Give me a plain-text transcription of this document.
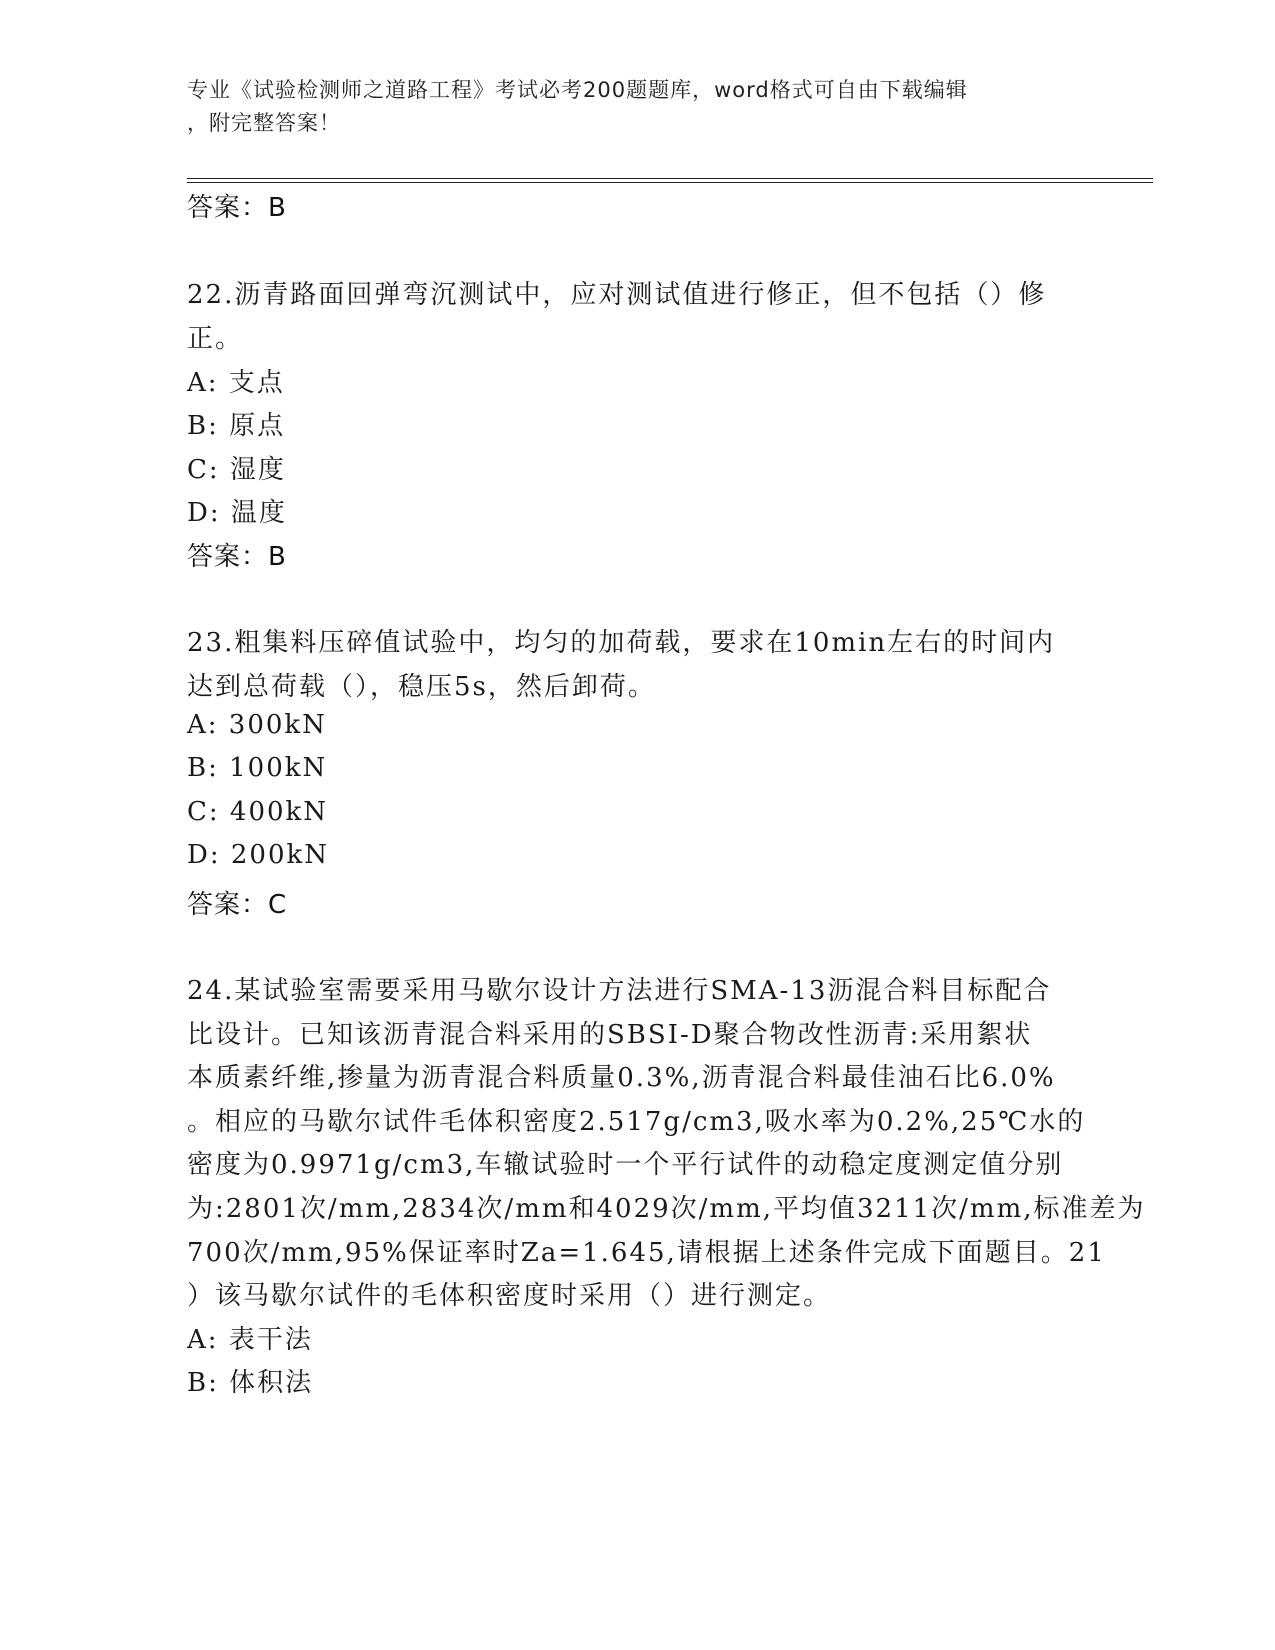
专业《试验检测师之道路工程》考试必考200题题库，word格式可自由下载编辑
，附完整答案！
答案：B
22.沥青路面回弹弯沉测试中，应对测试值进行修正，但不包括（）修
正。
A: 支点
B: 原点
C: 湿度
D: 温度
答案：B
23.粗集料压碎值试验中，均匀的加荷载，要求在10min左右的时间内
达到总荷载（），稳压5s，然后卸荷。
A: 300kN
B: 100kN
C: 400kN
D: 200kN
答案：C
24.某试验室需要采用马歇尔设计方法进行SMA-13沥混合料目标配合
比设计。已知该沥青混合料采用的SBSI-D聚合物改性沥青:采用絮状
本质素纤维,掺量为沥青混合料质量0.3%,沥青混合料最佳油石比6.0%
。相应的马歇尔试件毛体积密度2.517g/cm3,吸水率为0.2%,25℃水的
密度为0.9971g/cm3,车辙试验时一个平行试件的动稳定度测定值分别
为:2801次/mm,2834次/mm和4029次/mm,平均值3211次/mm,标准差为
700次/mm,95%保证率时Za=1.645,请根据上述条件完成下面题目。21
）该马歇尔试件的毛体积密度时采用（）进行测定。
A: 表干法
B: 体积法
